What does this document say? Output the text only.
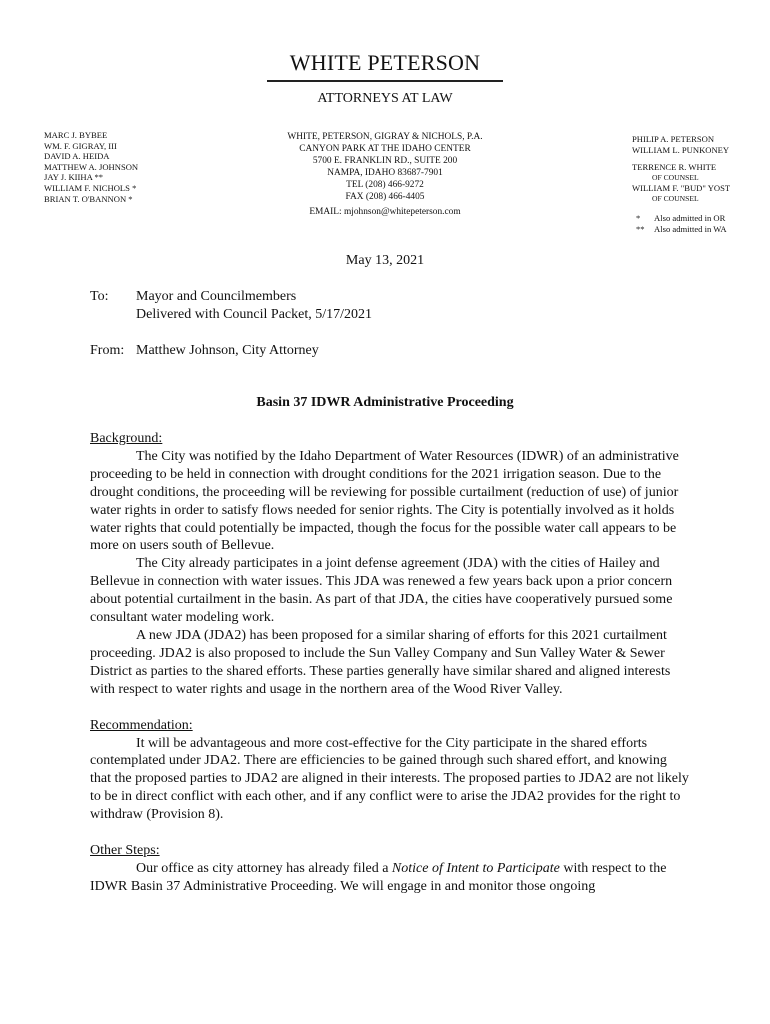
WHITE PETERSON
ATTORNEYS AT LAW
MARC J. BYBEE
WM. F. GIGRAY, III
DAVID A. HEIDA
MATTHEW A. JOHNSON
JAY J. KIIHA **
WILLIAM F. NICHOLS *
BRIAN T. O'BANNON *
WHITE, PETERSON, GIGRAY & NICHOLS, P.A.
CANYON PARK AT THE IDAHO CENTER
5700 E. FRANKLIN RD., SUITE 200
NAMPA, IDAHO 83687-7901
TEL (208) 466-9272
FAX (208) 466-4405
EMAIL: mjohnson@whitepeterson.com
PHILIP A. PETERSON
WILLIAM L. PUNKONEY
TERRENCE R. WHITE
OF COUNSEL
WILLIAM F. "BUD" YOST
OF COUNSEL
* Also admitted in OR
** Also admitted in WA
May 13, 2021
To: Mayor and Councilmembers
Delivered with Council Packet, 5/17/2021
From: Matthew Johnson, City Attorney
Basin 37 IDWR Administrative Proceeding
Background:

The City was notified by the Idaho Department of Water Resources (IDWR) of an administrative proceeding to be held in connection with drought conditions for the 2021 irrigation season. Due to the drought conditions, the proceeding will be reviewing for possible curtailment (reduction of use) of junior water rights in order to satisfy flows needed for senior rights. The City is potentially involved as it holds water rights that could potentially be impacted, though the focus for the possible water call appears to be more on users south of Bellevue.

The City already participates in a joint defense agreement (JDA) with the cities of Hailey and Bellevue in connection with water issues. This JDA was renewed a few years back upon a prior concern about potential curtailment in the basin. As part of that JDA, the cities have cooperatively pursued some consultant water modeling work.

A new JDA (JDA2) has been proposed for a similar sharing of efforts for this 2021 curtailment proceeding. JDA2 is also proposed to include the Sun Valley Company and Sun Valley Water & Sewer District as parties to the shared efforts. These parties generally have similar shared and aligned interests with respect to water rights and usage in the northern area of the Wood River Valley.

Recommendation:

It will be advantageous and more cost-effective for the City participate in the shared efforts contemplated under JDA2. There are efficiencies to be gained through such shared effort, and knowing that the proposed parties to JDA2 are aligned in their interests. The proposed parties to JDA2 are not likely to be in direct conflict with each other, and if any conflict were to arise the JDA2 provides for the right to withdraw (Provision 8).

Other Steps:

Our office as city attorney has already filed a Notice of Intent to Participate with respect to the IDWR Basin 37 Administrative Proceeding. We will engage in and monitor those ongoing
